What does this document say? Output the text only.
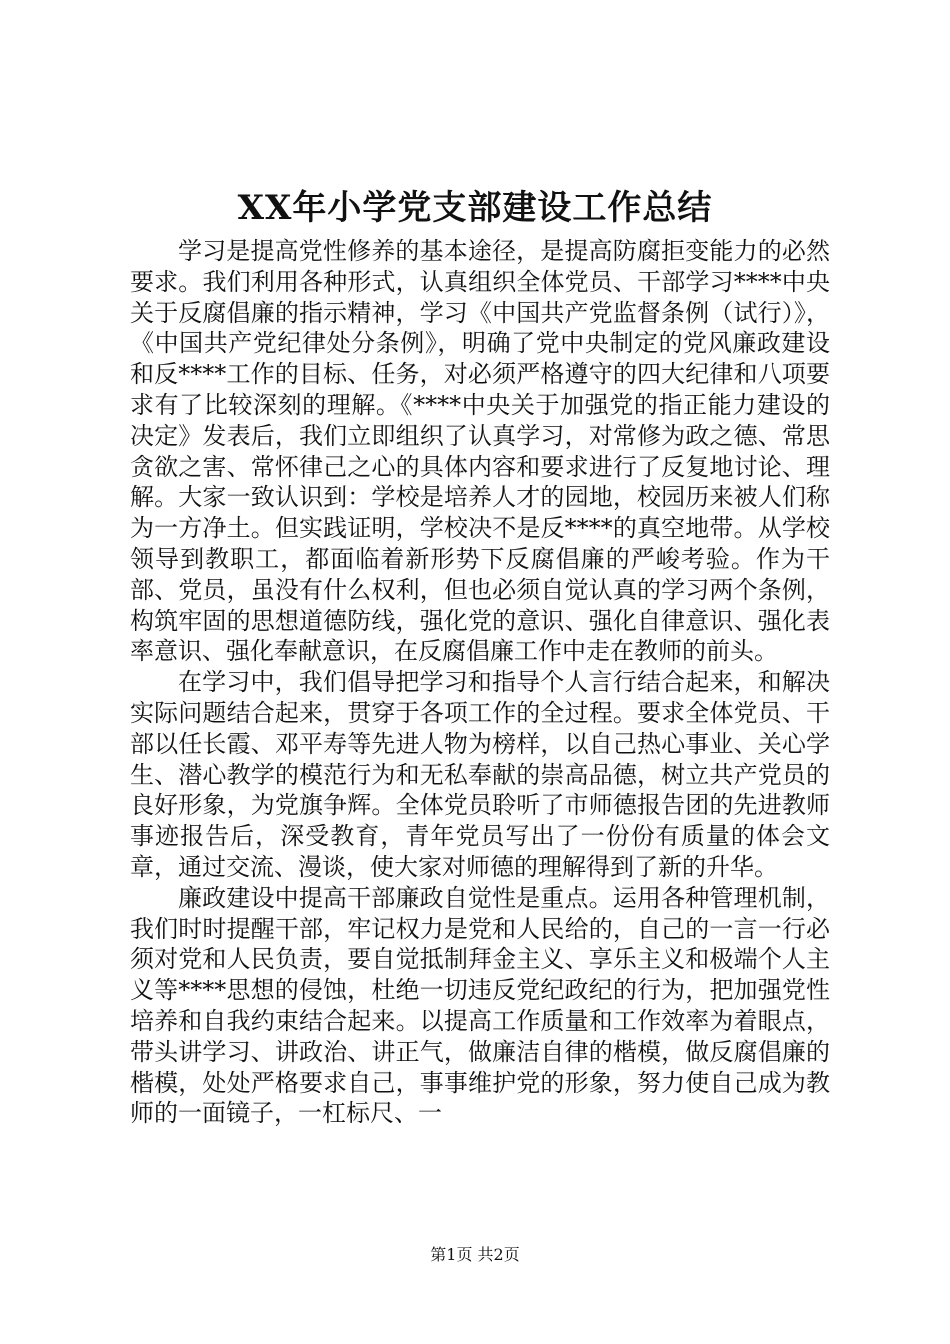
XX年小学党支部建设工作总结

学习是提高党性修养的基本途径，是提高防腐拒变能力的必然要求。我们利用各种形式，认真组织全体党员、干部学习****中央关于反腐倡廉的指示精神，学习《中国共产党监督条例（试行）》，《中国共产党纪律处分条例》，明确了党中央制定的党风廉政建设和反****工作的目标、任务，对必须严格遵守的四大纪律和八项要求有了比较深刻的理解。《****中央关于加强党的指正能力建设的决定》发表后，我们立即组织了认真学习，对常修为政之德、常思贪欲之害、常怀律己之心的具体内容和要求进行了反复地讨论、理解。大家一致认识到：学校是培养人才的园地，校园历来被人们称为一方净土。但实践证明，学校决不是反****的真空地带。从学校领导到教职工，都面临着新形势下反腐倡廉的严峻考验。作为干部、党员，虽没有什么权利，但也必须自觉认真的学习两个条例，构筑牢固的思想道德防线，强化党的意识、强化自律意识、强化表率意识、强化奉献意识，在反腐倡廉工作中走在教师的前头。

在学习中，我们倡导把学习和指导个人言行结合起来，和解决实际问题结合起来，贯穿于各项工作的全过程。要求全体党员、干部以任长霞、邓平寿等先进人物为榜样，以自己热心事业、关心学生、潜心教学的模范行为和无私奉献的崇高品德，树立共产党员的良好形象，为党旗争辉。全体党员聆听了市师德报告团的先进教师事迹报告后，深受教育，青年党员写出了一份份有质量的体会文章，通过交流、漫谈，使大家对师德的理解得到了新的升华。

廉政建设中提高干部廉政自觉性是重点。运用各种管理机制，我们时时提醒干部，牢记权力是党和人民给的，自己的一言一行必须对党和人民负责，要自觉抵制拜金主义、享乐主义和极端个人主义等****思想的侵蚀，杜绝一切违反党纪政纪的行为，把加强党性培养和自我约束结合起来。以提高工作质量和工作效率为着眼点，带头讲学习、讲政治、讲正气，做廉洁自律的楷模，做反腐倡廉的楷模，处处严格要求自己，事事维护党的形象，努力使自己成为教师的一面镜子，一杠标尺、一

第1页 共2页
